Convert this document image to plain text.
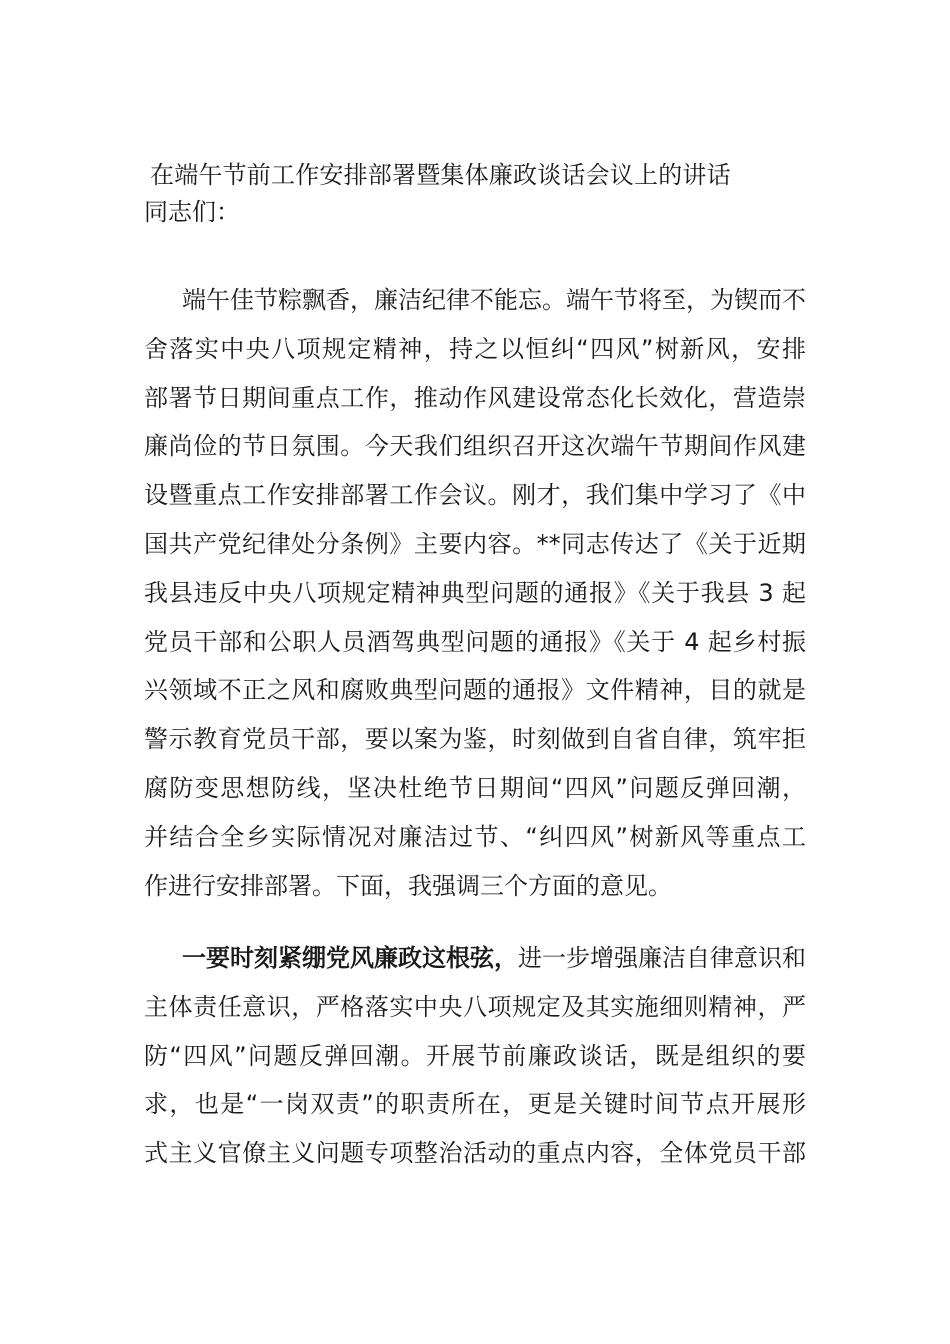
在端午节前工作安排部署暨集体廉政谈话会议上的讲话

同志们：

端午佳节粽飘香，廉洁纪律不能忘。端午节将至，为锲而不
舍落实中央八项规定精神，持之以恒纠“四风”树新风，安排
部署节日期间重点工作，推动作风建设常态化长效化，营造崇
廉尚俭的节日氛围。今天我们组织召开这次端午节期间作风建
设暨重点工作安排部署工作会议。刚才，我们集中学习了《中
国共产党纪律处分条例》主要内容。**同志传达了《关于近期
我县违反中央八项规定精神典型问题的通报》《关于我县 3 起
党员干部和公职人员酒驾典型问题的通报》《关于 4 起乡村振
兴领域不正之风和腐败典型问题的通报》文件精神，目的就是
警示教育党员干部，要以案为鉴，时刻做到自省自律，筑牢拒
腐防变思想防线，坚决杜绝节日期间“四风”问题反弹回潮，
并结合全乡实际情况对廉洁过节、“纠四风”树新风等重点工
作进行安排部署。下面，我强调三个方面的意见。
一要时刻紧绷党风廉政这根弦，进一步增强廉洁自律意识和
主体责任意识，严格落实中央八项规定及其实施细则精神，严
防“四风”问题反弹回潮。开展节前廉政谈话，既是组织的要
求，也是“一岗双责”的职责所在，更是关键时间节点开展形
式主义官僚主义问题专项整治活动的重点内容，全体党员干部
